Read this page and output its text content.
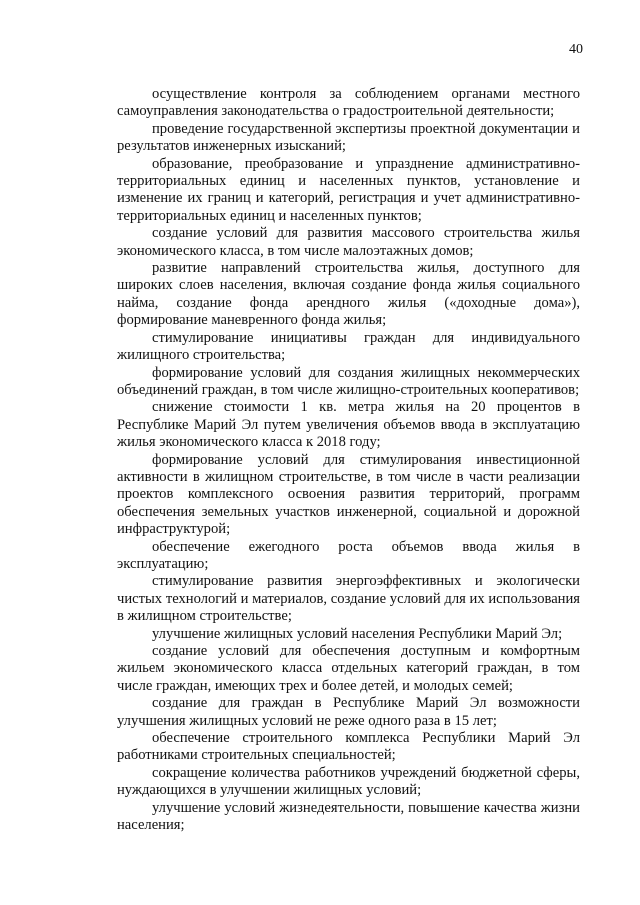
40

осуществление контроля за соблюдением органами местного самоуправления законодательства о градостроительной деятельности;

проведение государственной экспертизы проектной документации и результатов инженерных изысканий;

образование, преобразование и упразднение административно-территориальных единиц и населенных пунктов, установление и изменение их границ и категорий, регистрация и учет административно-территориальных единиц и населенных пунктов;

создание условий для развития массового строительства жилья экономического класса, в том числе малоэтажных домов;

развитие направлений строительства жилья, доступного для широких слоев населения, включая создание фонда жилья социального найма, создание фонда арендного жилья («доходные дома»), формирование маневренного фонда жилья;

стимулирование инициативы граждан для индивидуального жилищного строительства;

формирование условий для создания жилищных некоммерческих объединений граждан, в том числе жилищно-строительных кооперативов;

снижение стоимости 1 кв. метра жилья на 20 процентов в Республике Марий Эл путем увеличения объемов ввода в эксплуатацию жилья экономического класса к 2018 году;

формирование условий для стимулирования инвестиционной активности в жилищном строительстве, в том числе в части реализации проектов комплексного освоения развития территорий, программ обеспечения земельных участков инженерной, социальной и дорожной инфраструктурой;

обеспечение ежегодного роста объемов ввода жилья в эксплуатацию;

стимулирование развития энергоэффективных и экологически чистых технологий и материалов, создание условий для их использования в жилищном строительстве;

улучшение жилищных условий населения Республики Марий Эл;

создание условий для обеспечения доступным и комфортным жильем экономического класса отдельных категорий граждан, в том числе граждан, имеющих трех и более детей, и молодых семей;

создание для граждан в Республике Марий Эл возможности улучшения жилищных условий не реже одного раза в 15 лет;

обеспечение строительного комплекса Республики Марий Эл работниками строительных специальностей;

сокращение количества работников учреждений бюджетной сферы, нуждающихся в улучшении жилищных условий;

улучшение условий жизнедеятельности, повышение качества жизни населения;
